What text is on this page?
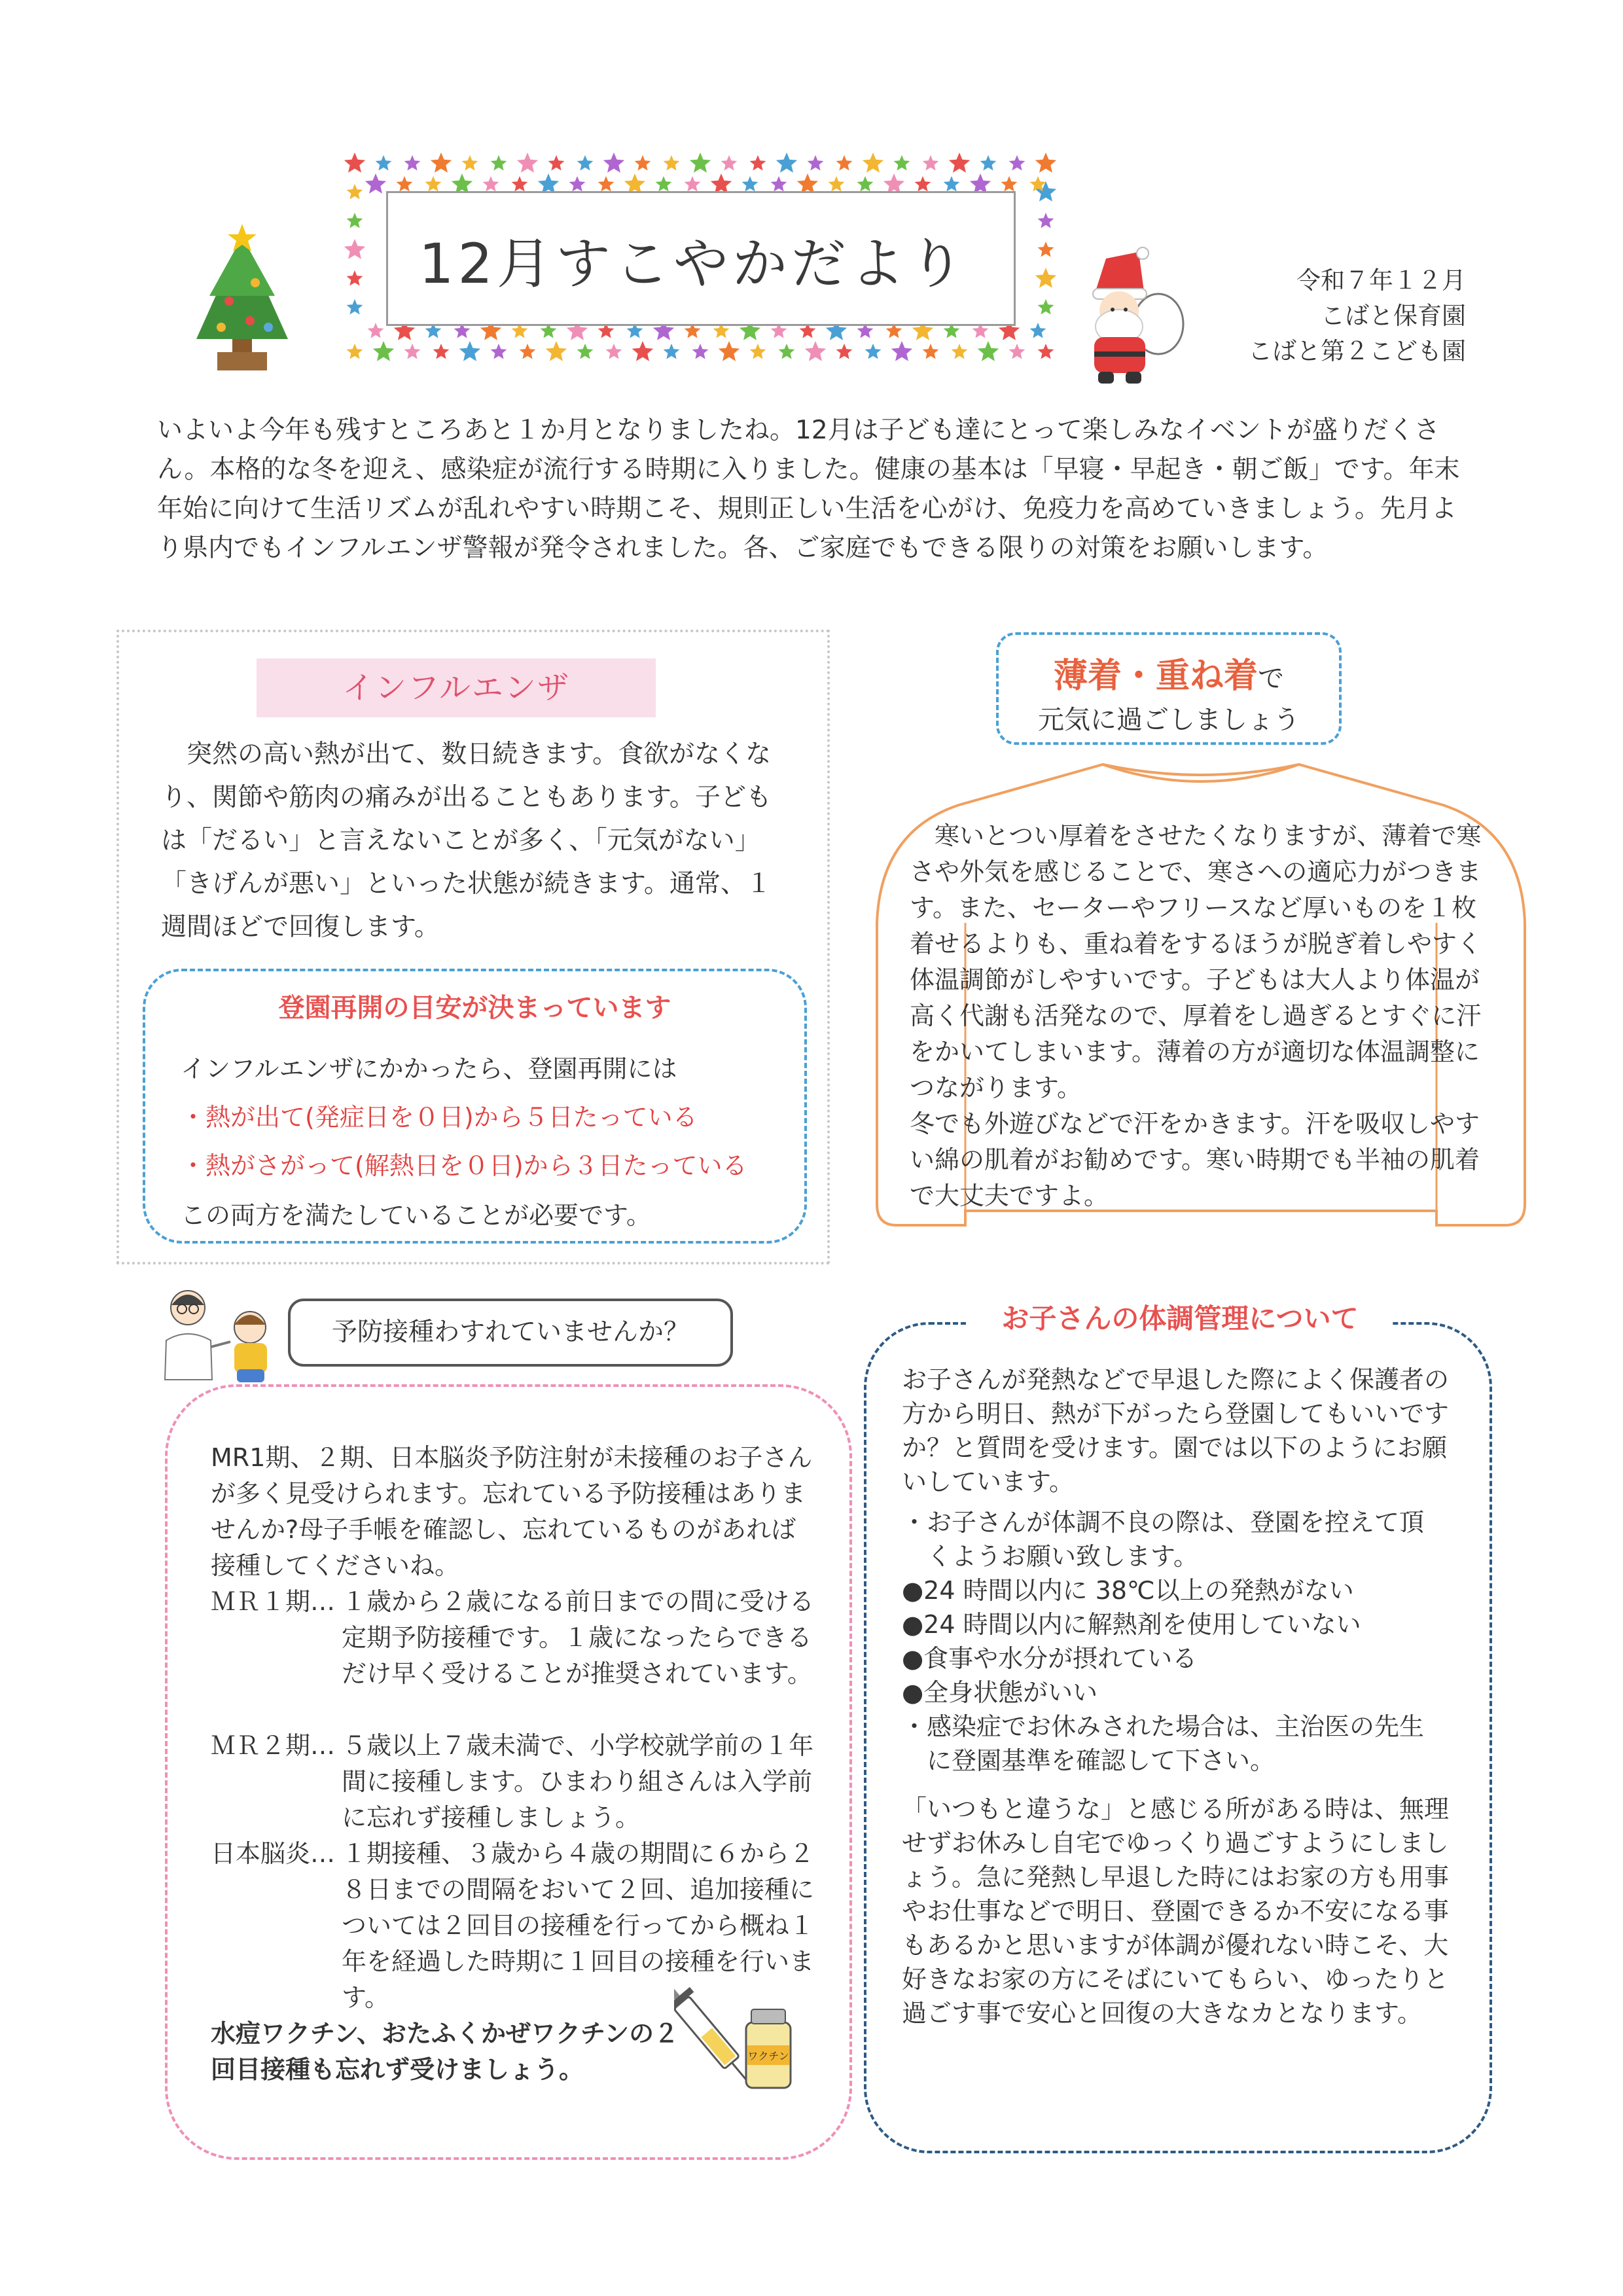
12月すこやかだより	令和７年１２月
こばと保育園
こばと第２こども園

いよいよ今年も残すところあと１か月となりましたね。12月は子ども達にとって楽しみなイベントが盛りだくさん。本格的な冬を迎え、感染症が流行する時期に入りました。健康の基本は「早寝・早起き・朝ご飯」です。年末年始に向けて生活リズムが乱れやすい時期こそ、規則正しい生活を心がけ、免疫力を高めていきましょう。先月より県内でもインフルエンザ警報が発令されました。各、ご家庭でもできる限りの対策をお願いします。

インフルエンザ

突然の高い熱が出て、数日続きます。食欲がなくなり、関節や筋肉の痛みが出ることもあります。子どもは「だるい」と言えないことが多く、「元気がない」「きげんが悪い」といった状態が続きます。通常、１週間ほどで回復します。

登園再開の目安が決まっています
インフルエンザにかかったら、登園再開には
・熱が出て(発症日を０日)から５日たっている
・熱がさがって(解熱日を０日)から３日たっている
この両方を満たしていることが必要です。
薄着・重ね着で
元気に過ごしましょう
寒いとつい厚着をさせたくなりますが、薄着で寒さや外気を感じることで、寒さへの適応力がつきます。また、セーターやフリースなど厚いものを１枚着せるよりも、重ね着をするほうが脱ぎ着しやすく体温調節がしやすいです。子どもは大人より体温が高く代謝も活発なので、厚着をし過ぎるとすぐに汗をかいてしまいます。薄着の方が適切な体温調整につながります。
冬でも外遊びなどで汗をかきます。汗を吸収しやすい綿の肌着がお勧めです。寒い時期でも半袖の肌着で大丈夫ですよ。
予防接種わすれていませんか？

MR1期、２期、日本脳炎予防注射が未接種のお子さんが多く見受けられます。忘れている予防接種はありませんか?母子手帳を確認し、忘れているものがあれば接種してくださいね。

ＭＲ１期… １歳から２歳になる前日までの間に受ける定期予防接種です。１歳になったらできるだけ早く受けることが推奨されています。
ＭＲ２期… ５歳以上７歳未満で、小学校就学前の１年間に接種します。ひまわり組さんは入学前に忘れず接種しましょう。
日本脳炎… １期接種、３歳から４歳の期間に６から２８日までの間隔をおいて２回、追加接種については２回目の接種を行ってから概ね１年を経過した時期に１回目の接種を行います。

水痘ワクチン、おたふくかぜワクチンの２回目接種も忘れず受けましょう。	ワクチン
お子さんの体調管理について

お子さんが発熱などで早退した際によく保護者の方から明日、熱が下がったら登園してもいいですか？と質問を受けます。園では以下のようにお願いしています。

・お子さんが体調不良の際は、登園を控えて頂
くようお願い致します。
●24 時間以内に 38℃以上の発熱がない
●24 時間以内に解熱剤を使用していない
●食事や水分が摂れている
●全身状態がいい
・感染症でお休みされた場合は、主治医の先生
に登園基準を確認して下さい。

「いつもと違うな」と感じる所がある時は、無理せずお休みし自宅でゆっくり過ごすようにしましょう。急に発熱し早退した時にはお家の方も用事やお仕事などで明日、登園できるか不安になる事もあるかと思いますが体調が優れない時こそ、大好きなお家の方にそばにいてもらい、ゆったりと過ごす事で安心と回復の大きなカとなります。
